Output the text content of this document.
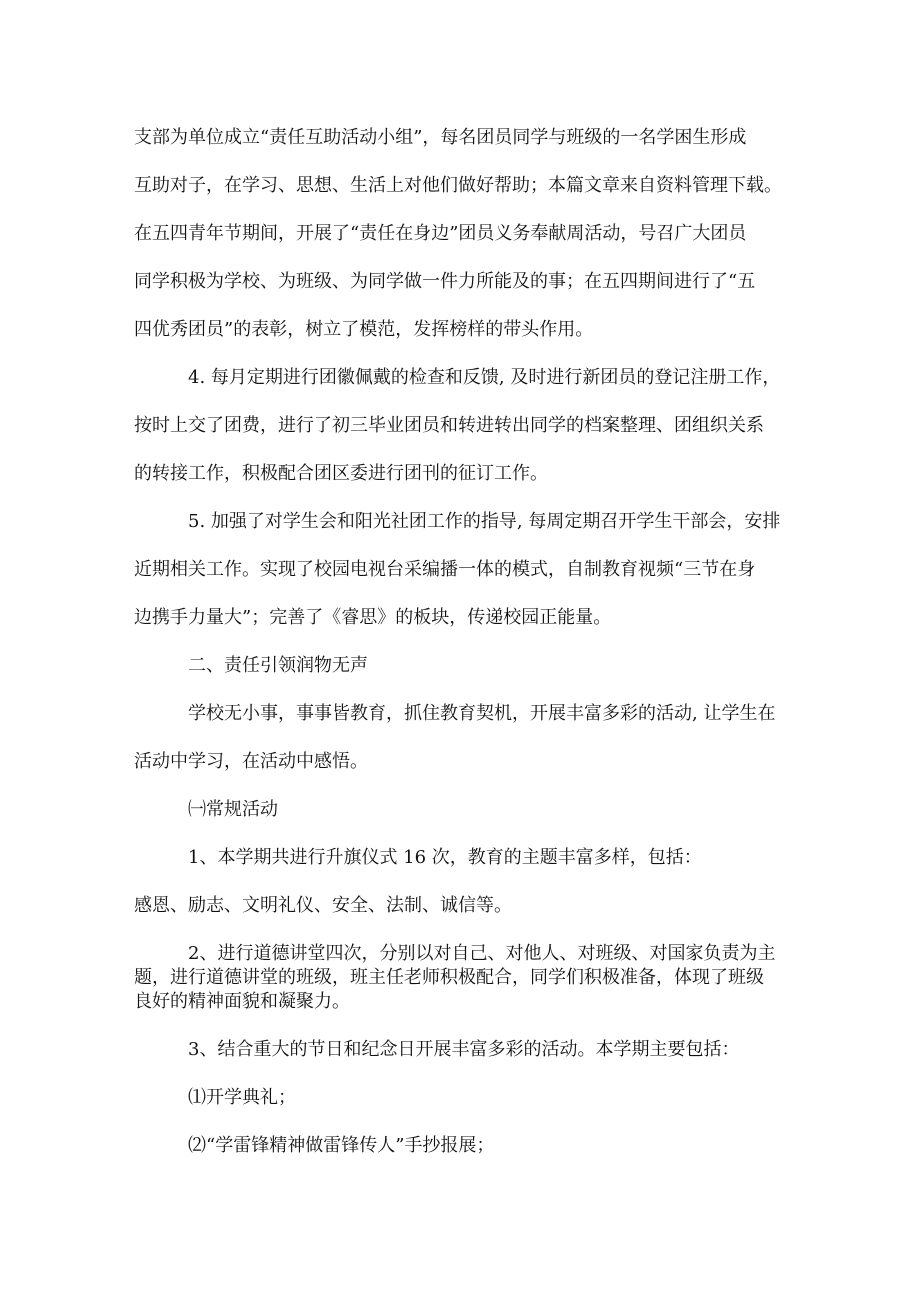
支部为单位成立“责任互助活动小组”，每名团员同学与班级的一名学困生形成
互助对子，在学习、思想、生活上对他们做好帮助；本篇文章来自资料管理下载。
在五四青年节期间，开展了“责任在身边”团员义务奉献周活动，号召广大团员
同学积极为学校、为班级、为同学做一件力所能及的事；在五四期间进行了“五
四优秀团员”的表彰，树立了模范，发挥榜样的带头作用。
4. 每月定期进行团徽佩戴的检查和反馈, 及时进行新团员的登记注册工作，
按时上交了团费，进行了初三毕业团员和转进转出同学的档案整理、团组织关系
的转接工作，积极配合团区委进行团刊的征订工作。
5. 加强了对学生会和阳光社团工作的指导, 每周定期召开学生干部会，安排
近期相关工作。实现了校园电视台采编播一体的模式，自制教育视频“三节在身
边携手力量大”；完善了《睿思》的板块，传递校园正能量。
二、责任引领润物无声
学校无小事，事事皆教育，抓住教育契机，开展丰富多彩的活动, 让学生在
活动中学习，在活动中感悟。
㈠常规活动
1、本学期共进行升旗仪式 16 次，教育的主题丰富多样，包括：
感恩、励志、文明礼仪、安全、法制、诚信等。
2、进行道德讲堂四次，分别以对自己、对他人、对班级、对国家负责为主
题，进行道德讲堂的班级，班主任老师积极配合，同学们积极准备，体现了班级
良好的精神面貌和凝聚力。
3、结合重大的节日和纪念日开展丰富多彩的活动。本学期主要包括：
⑴开学典礼；
⑵“学雷锋精神做雷锋传人”手抄报展；
